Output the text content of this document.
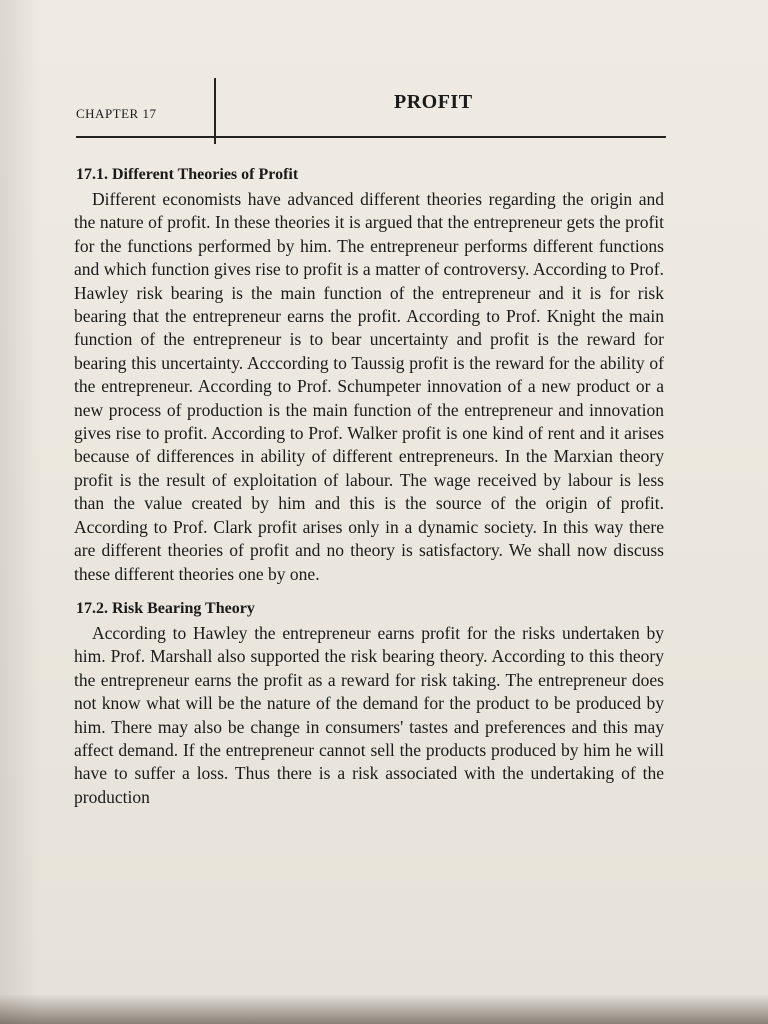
CHAPTER 17
PROFIT
17.1. Different Theories of Profit

Different economists have advanced different theories regarding the origin and the nature of profit. In these theories it is argued that the entrepreneur gets the profit for the functions performed by him. The entrepreneur performs different functions and which function gives rise to profit is a matter of controversy. According to Prof. Hawley risk bearing is the main function of the entrepreneur and it is for risk bearing that the entrepreneur earns the profit. According to Prof. Knight the main function of the entrepreneur is to bear uncertainty and profit is the reward for bearing this uncertainty. Acccording to Taussig profit is the reward for the ability of the entrepreneur. According to Prof. Schumpeter innovation of a new product or a new process of production is the main function of the entrepreneur and innovation gives rise to profit. According to Prof. Walker profit is one kind of rent and it arises because of differences in ability of different entrepreneurs. In the Marxian theory profit is the result of exploitation of labour. The wage received by labour is less than the value created by him and this is the source of the origin of profit. According to Prof. Clark profit arises only in a dynamic society. In this way there are different theories of profit and no theory is satisfactory. We shall now discuss these different theories one by one.

17.2. Risk Bearing Theory

According to Hawley the entrepreneur earns profit for the risks undertaken by him. Prof. Marshall also supported the risk bearing theory. According to this theory the entrepreneur earns the profit as a reward for risk taking. The entrepreneur does not know what will be the nature of the demand for the product to be produced by him. There may also be change in consumers' tastes and preferences and this may affect demand. If the entrepreneur cannot sell the products produced by him he will have to suffer a loss. Thus there is a risk associated with the undertaking of the production
